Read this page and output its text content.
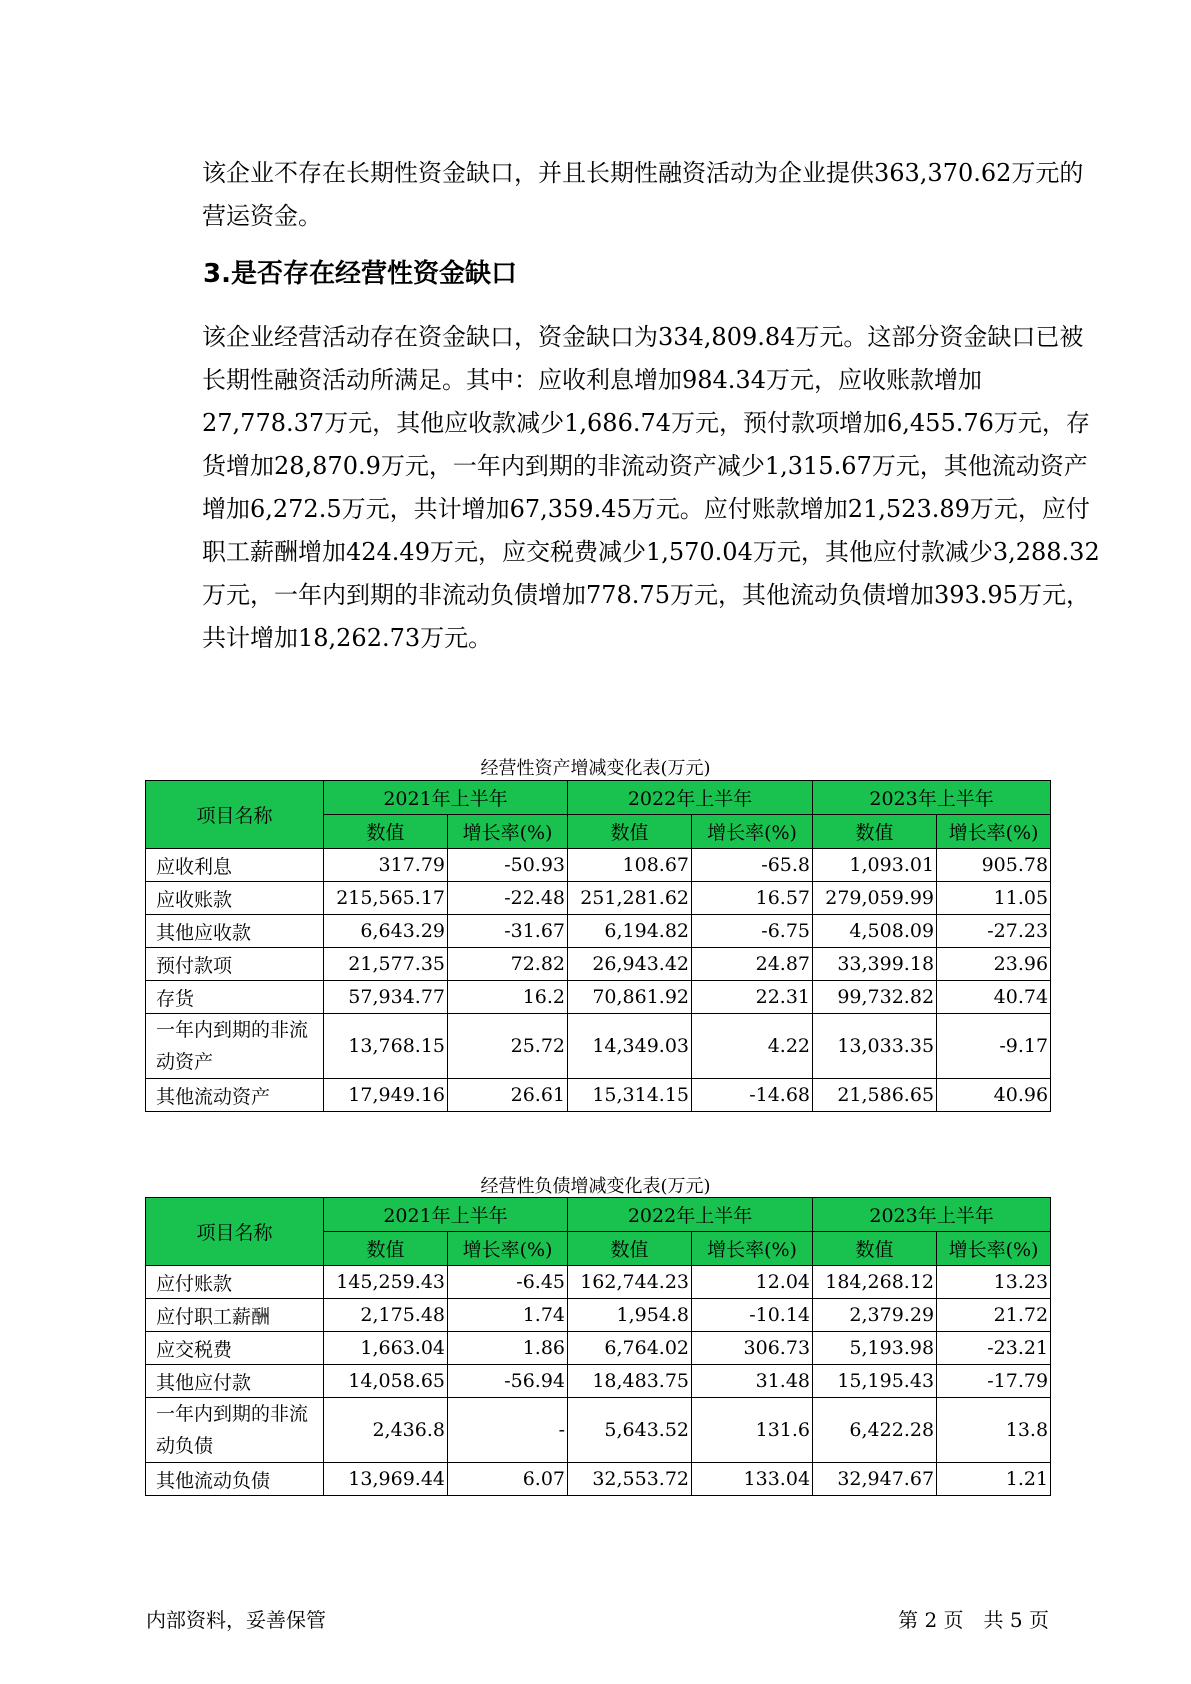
该企业不存在长期性资金缺口，并且长期性融资活动为企业提供363,370.62万元的营运资金。

3.是否存在经营性资金缺口

该企业经营活动存在资金缺口，资金缺口为334,809.84万元。这部分资金缺口已被长期性融资活动所满足。其中：应收利息增加984.34万元，应收账款增加27,778.37万元，其他应收款减少1,686.74万元，预付款项增加6,455.76万元，存货增加28,870.9万元，一年内到期的非流动资产减少1,315.67万元，其他流动资产增加6,272.5万元，共计增加67,359.45万元。应付账款增加21,523.89万元，应付职工薪酬增加424.49万元，应交税费减少1,570.04万元，其他应付款减少3,288.32万元，一年内到期的非流动负债增加778.75万元，其他流动负债增加393.95万元，共计增加18,262.73万元。

经营性资产增减变化表(万元)
项目名称	2021年上半年		2022年上半年		2023年上半年	
	数值	增长率(%)	数值	增长率(%)	数值	增长率(%)
应收利息	317.79	-50.93	108.67	-65.8	1,093.01	905.78
应收账款	215,565.17	-22.48	251,281.62	16.57	279,059.99	11.05
其他应收款	6,643.29	-31.67	6,194.82	-6.75	4,508.09	-27.23
预付款项	21,577.35	72.82	26,943.42	24.87	33,399.18	23.96
存货	57,934.77	16.2	70,861.92	22.31	99,732.82	40.74
一年内到期的非流动资产	13,768.15	25.72	14,349.03	4.22	13,033.35	-9.17
其他流动资产	17,949.16	26.61	15,314.15	-14.68	21,586.65	40.96
经营性负债增减变化表(万元)
项目名称	2021年上半年		2022年上半年		2023年上半年	
	数值	增长率(%)	数值	增长率(%)	数值	增长率(%)
应付账款	145,259.43	-6.45	162,744.23	12.04	184,268.12	13.23
应付职工薪酬	2,175.48	1.74	1,954.8	-10.14	2,379.29	21.72
应交税费	1,663.04	1.86	6,764.02	306.73	5,193.98	-23.21
其他应付款	14,058.65	-56.94	18,483.75	31.48	15,195.43	-17.79
一年内到期的非流动负债	2,436.8	-	5,643.52	131.6	6,422.28	13.8
其他流动负债	13,969.44	6.07	32,553.72	133.04	32,947.67	1.21
内部资料，妥善保管	第 2 页　共 5 页
